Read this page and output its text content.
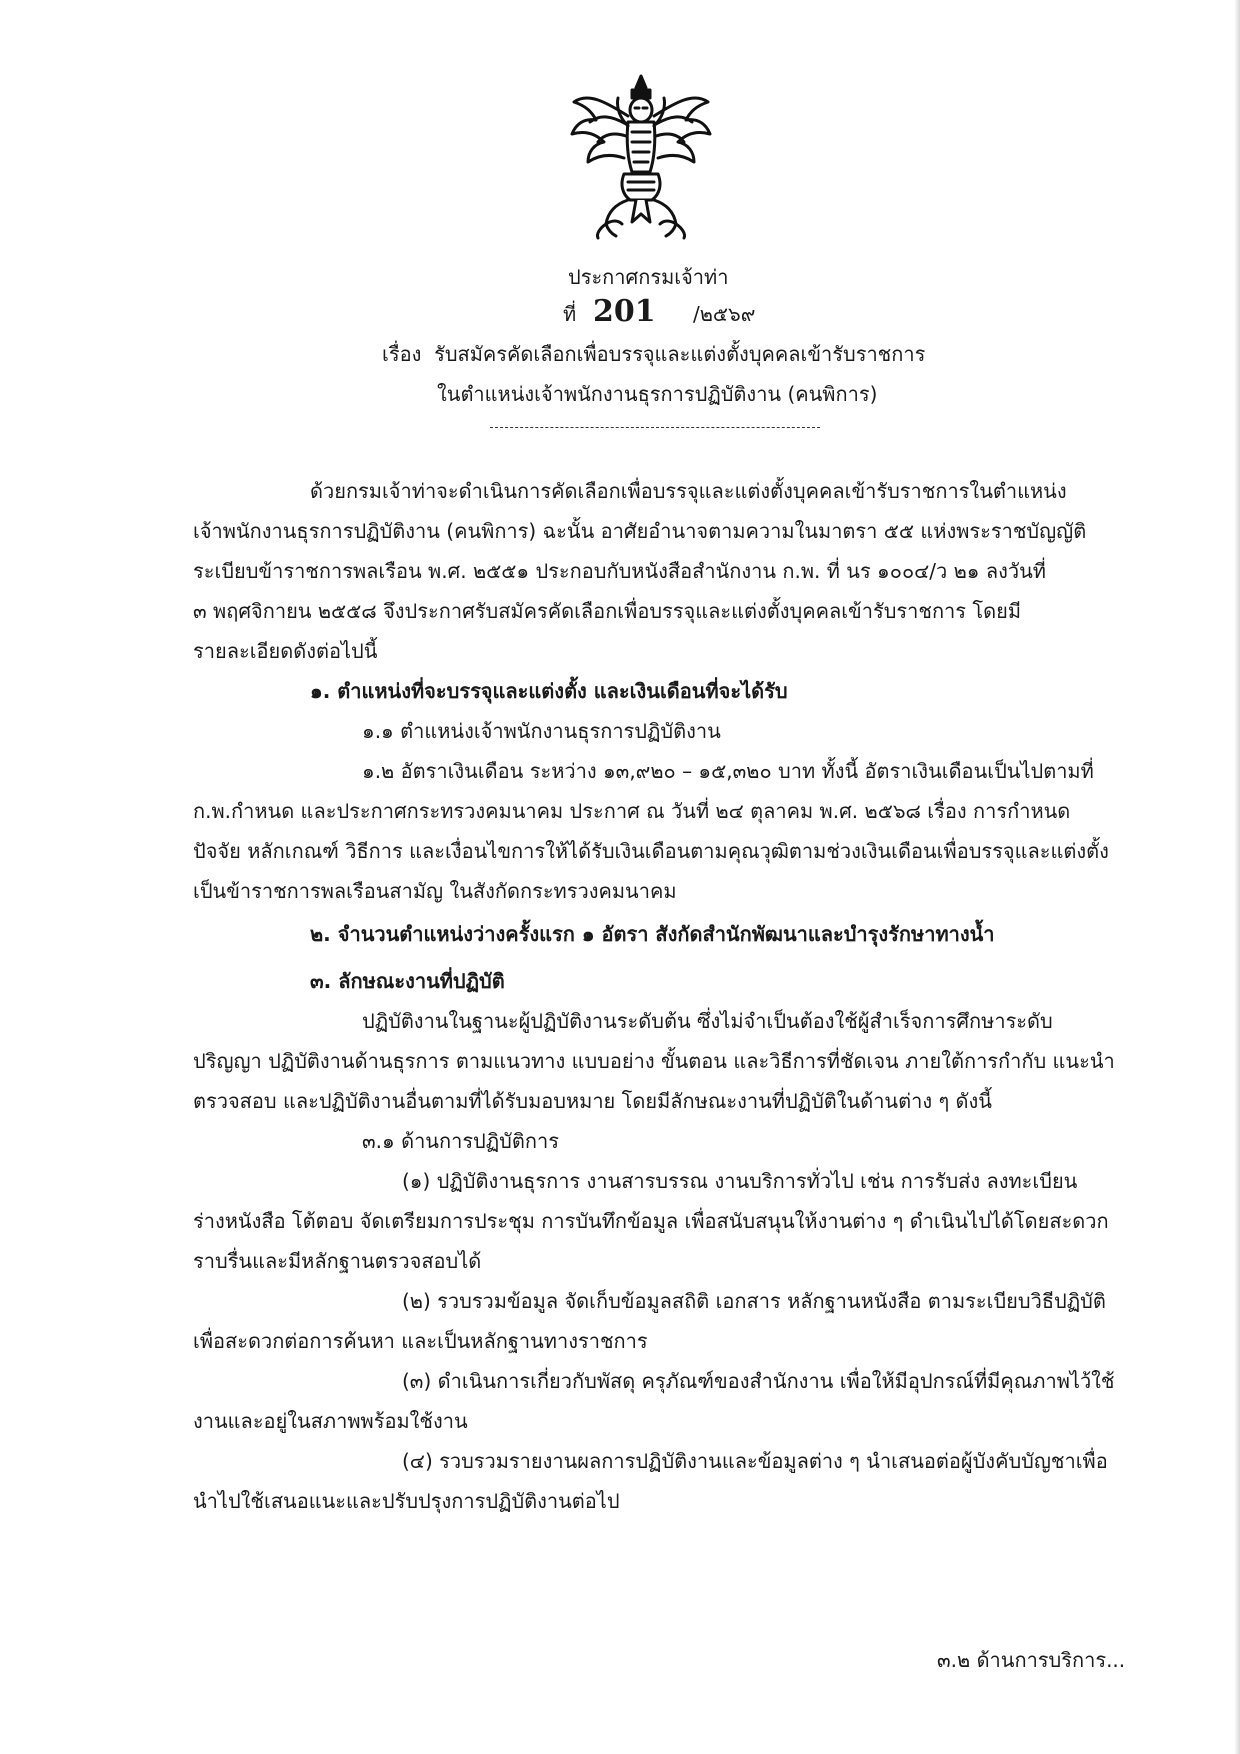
ประกาศกรมเจ้าท่า
ที่ 201 /๒๕๖๙
เรื่อง รับสมัครคัดเลือกเพื่อบรรจุและแต่งตั้งบุคคลเข้ารับราชการ
ในตำแหน่งเจ้าพนักงานธุรการปฏิบัติงาน (คนพิการ)
ด้วยกรมเจ้าท่าจะดำเนินการคัดเลือกเพื่อบรรจุและแต่งตั้งบุคคลเข้ารับราชการในตำแหน่ง
เจ้าพนักงานธุรการปฏิบัติงาน (คนพิการ) ฉะนั้น อาศัยอำนาจตามความในมาตรา ๕๕ แห่งพระราชบัญญัติ
ระเบียบข้าราชการพลเรือน พ.ศ. ๒๕๕๑ ประกอบกับหนังสือสำนักงาน ก.พ. ที่ นร ๑๐๐๔/ว ๒๑ ลงวันที่
๓ พฤศจิกายน ๒๕๕๘ จึงประกาศรับสมัครคัดเลือกเพื่อบรรจุและแต่งตั้งบุคคลเข้ารับราชการ โดยมี
รายละเอียดดังต่อไปนี้
๑. ตำแหน่งที่จะบรรจุและแต่งตั้ง และเงินเดือนที่จะได้รับ
๑.๑ ตำแหน่งเจ้าพนักงานธุรการปฏิบัติงาน
๑.๒ อัตราเงินเดือน ระหว่าง ๑๓,๙๒๐ – ๑๕,๓๒๐ บาท ทั้งนี้ อัตราเงินเดือนเป็นไปตามที่
ก.พ.กำหนด และประกาศกระทรวงคมนาคม ประกาศ ณ วันที่ ๒๔ ตุลาคม พ.ศ. ๒๕๖๘ เรื่อง การกำหนด
ปัจจัย หลักเกณฑ์ วิธีการ และเงื่อนไขการให้ได้รับเงินเดือนตามคุณวุฒิตามช่วงเงินเดือนเพื่อบรรจุและแต่งตั้ง
เป็นข้าราชการพลเรือนสามัญ ในสังกัดกระทรวงคมนาคม
๒. จำนวนตำแหน่งว่างครั้งแรก ๑ อัตรา สังกัดสำนักพัฒนาและบำรุงรักษาทางน้ำ
๓. ลักษณะงานที่ปฏิบัติ
ปฏิบัติงานในฐานะผู้ปฏิบัติงานระดับต้น ซึ่งไม่จำเป็นต้องใช้ผู้สำเร็จการศึกษาระดับ
ปริญญา ปฏิบัติงานด้านธุรการ ตามแนวทาง แบบอย่าง ขั้นตอน และวิธีการที่ชัดเจน ภายใต้การกำกับ แนะนำ
ตรวจสอบ และปฏิบัติงานอื่นตามที่ได้รับมอบหมาย โดยมีลักษณะงานที่ปฏิบัติในด้านต่าง ๆ ดังนี้
๓.๑ ด้านการปฏิบัติการ
(๑) ปฏิบัติงานธุรการ งานสารบรรณ งานบริการทั่วไป เช่น การรับส่ง ลงทะเบียน
ร่างหนังสือ โต้ตอบ จัดเตรียมการประชุม การบันทึกข้อมูล เพื่อสนับสนุนให้งานต่าง ๆ ดำเนินไปได้โดยสะดวก
ราบรื่นและมีหลักฐานตรวจสอบได้
(๒) รวบรวมข้อมูล จัดเก็บข้อมูลสถิติ เอกสาร หลักฐานหนังสือ ตามระเบียบวิธีปฏิบัติ
เพื่อสะดวกต่อการค้นหา และเป็นหลักฐานทางราชการ
(๓) ดำเนินการเกี่ยวกับพัสดุ ครุภัณฑ์ของสำนักงาน เพื่อให้มีอุปกรณ์ที่มีคุณภาพไว้ใช้
งานและอยู่ในสภาพพร้อมใช้งาน
(๔) รวบรวมรายงานผลการปฏิบัติงานและข้อมูลต่าง ๆ นำเสนอต่อผู้บังคับบัญชาเพื่อ
นำไปใช้เสนอแนะและปรับปรุงการปฏิบัติงานต่อไป
๓.๒ ด้านการบริการ...
